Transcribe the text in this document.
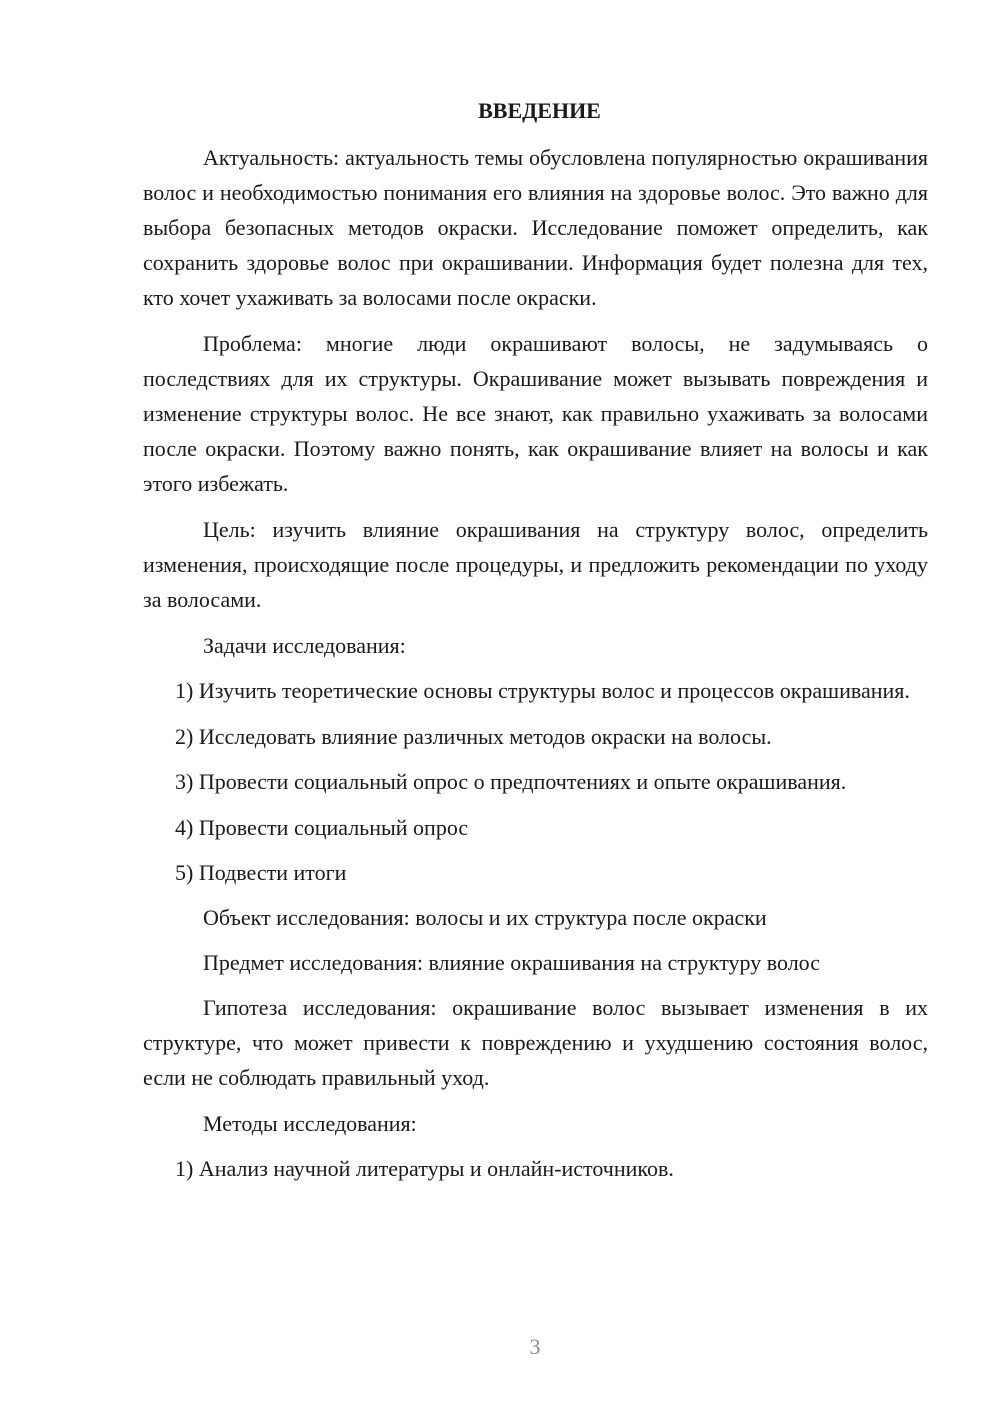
ВВЕДЕНИЕ

Актуальность: актуальность темы обусловлена популярностью окрашивания волос и необходимостью понимания его влияния на здоровье волос. Это важно для выбора безопасных методов окраски. Исследование поможет определить, как сохранить здоровье волос при окрашивании. Информация будет полезна для тех, кто хочет ухаживать за волосами после окраски.

Проблема: многие люди окрашивают волосы, не задумываясь о последствиях для их структуры. Окрашивание может вызывать повреждения и изменение структуры волос. Не все знают, как правильно ухаживать за волосами после окраски. Поэтому важно понять, как окрашивание влияет на волосы и как этого избежать.

Цель: изучить влияние окрашивания на структуру волос, определить изменения, происходящие после процедуры, и предложить рекомендации по уходу за волосами.

Задачи исследования:

1) Изучить теоретические основы структуры волос и процессов окрашивания.

2) Исследовать влияние различных методов окраски на волосы.

3) Провести социальный опрос о предпочтениях и опыте окрашивания.

4) Провести социальный опрос

5) Подвести итоги

Объект исследования: волосы и их структура после окраски

Предмет исследования: влияние окрашивания на структуру волос

Гипотеза исследования: окрашивание волос вызывает изменения в их структуре, что может привести к повреждению и ухудшению состояния волос, если не соблюдать правильный уход.

Методы исследования:

1) Анализ научной литературы и онлайн-источников.

3
